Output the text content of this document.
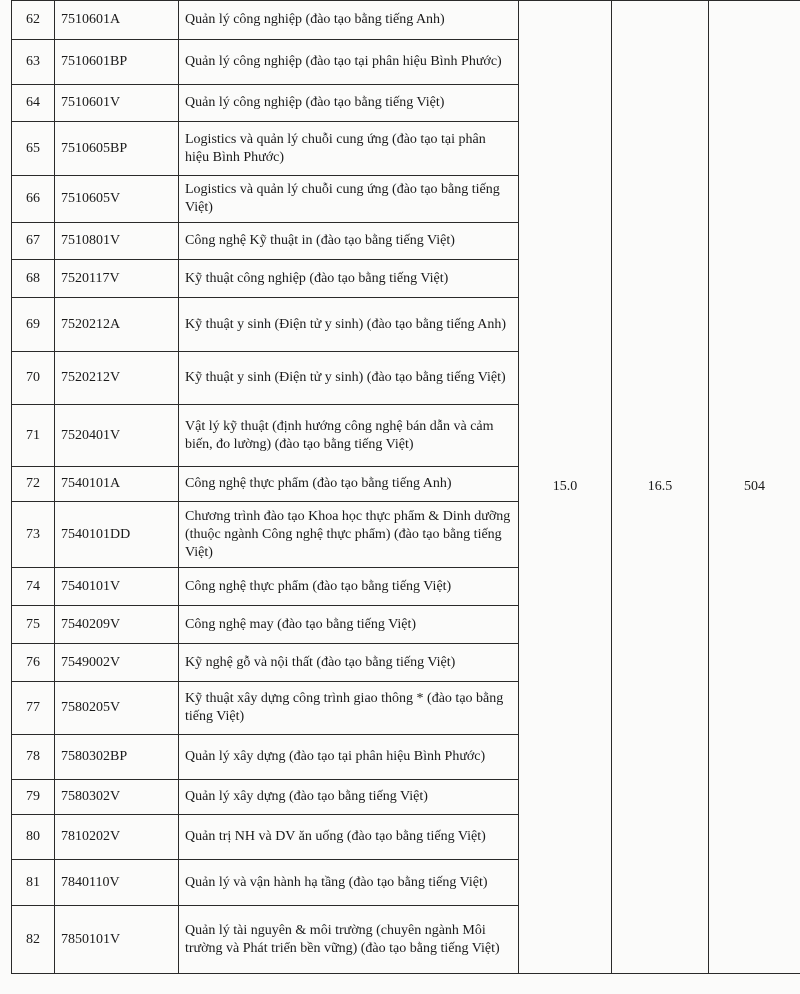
62	7510601A	Quản lý công nghiệp (đào tạo bằng tiếng Anh)	15.0	16.5	504
63	7510601BP	Quản lý công nghiệp (đào tạo tại phân hiệu Bình Phước)			
64	7510601V	Quản lý công nghiệp (đào tạo bằng tiếng Việt)			
65	7510605BP	Logistics và quản lý chuỗi cung ứng (đào tạo tại phân hiệu Bình Phước)			
66	7510605V	Logistics và quản lý chuỗi cung ứng (đào tạo bằng tiếng Việt)			
67	7510801V	Công nghệ Kỹ thuật in (đào tạo bằng tiếng Việt)			
68	7520117V	Kỹ thuật công nghiệp (đào tạo bằng tiếng Việt)			
69	7520212A	Kỹ thuật y sinh (Điện tử y sinh) (đào tạo bằng tiếng Anh)			
70	7520212V	Kỹ thuật y sinh (Điện tử y sinh) (đào tạo bằng tiếng Việt)			
71	7520401V	Vật lý kỹ thuật (định hướng công nghệ bán dẫn và cảm biến, đo lường) (đào tạo bằng tiếng Việt)			
72	7540101A	Công nghệ thực phẩm (đào tạo bằng tiếng Anh)			
73	7540101DD	Chương trình đào tạo Khoa học thực phẩm & Dinh dưỡng (thuộc ngành Công nghệ thực phẩm) (đào tạo bằng tiếng Việt)			
74	7540101V	Công nghệ thực phẩm (đào tạo bằng tiếng Việt)			
75	7540209V	Công nghệ may (đào tạo bằng tiếng Việt)			
76	7549002V	Kỹ nghệ gỗ và nội thất (đào tạo bằng tiếng Việt)			
77	7580205V	Kỹ thuật xây dựng công trình giao thông * (đào tạo bằng tiếng Việt)			
78	7580302BP	Quản lý xây dựng (đào tạo tại phân hiệu Bình Phước)			
79	7580302V	Quản lý xây dựng (đào tạo bằng tiếng Việt)			
80	7810202V	Quản trị NH và DV ăn uống (đào tạo bằng tiếng Việt)			
81	7840110V	Quản lý và vận hành hạ tầng (đào tạo bằng tiếng Việt)			
82	7850101V	Quản lý tài nguyên & môi trường (chuyên ngành Môi trường và Phát triển bền vững) (đào tạo bằng tiếng Việt)			
